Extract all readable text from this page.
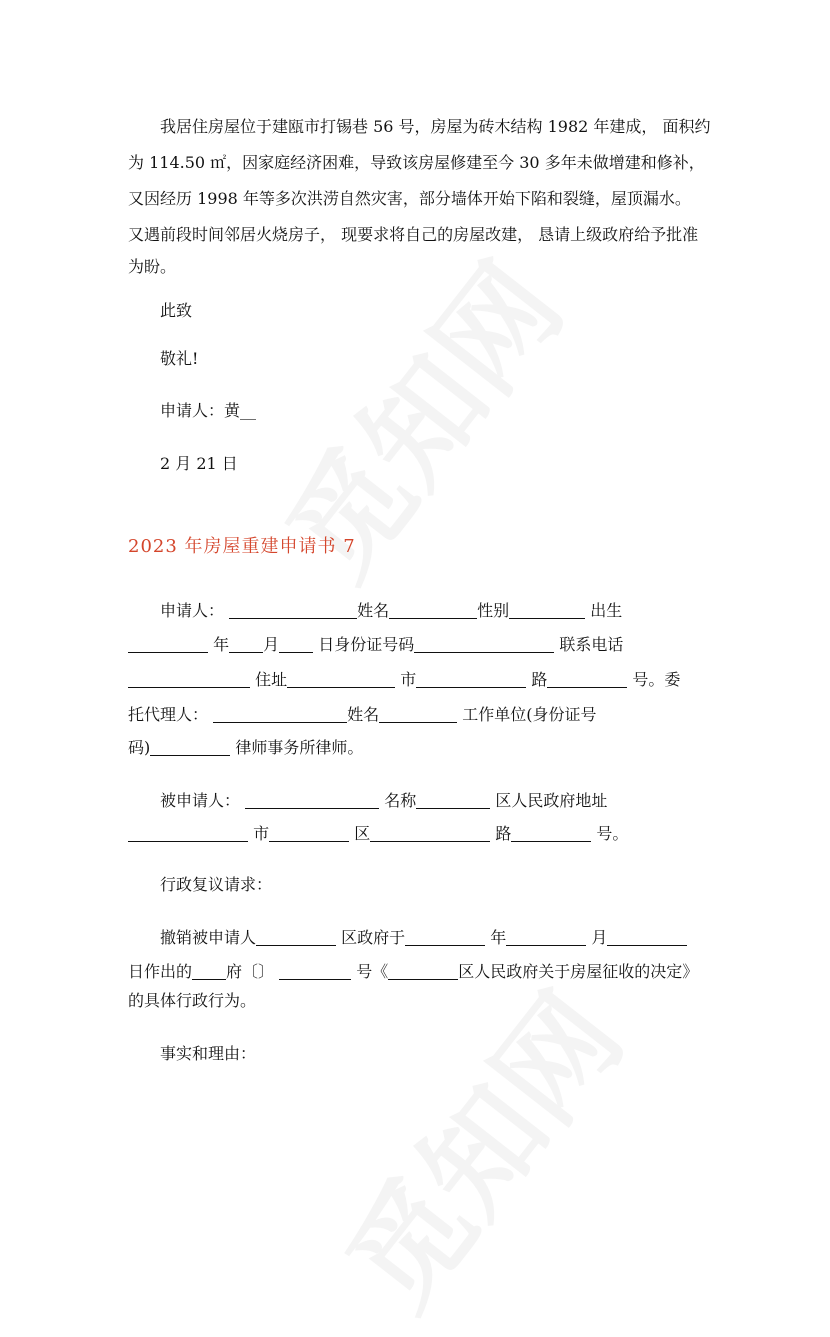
我居住房屋位于建瓯市打锡巷 56 号，房屋为砖木结构 1982 年建成， 面积约

为 114.50 ㎡，因家庭经济困难，导致该房屋修建至今 30 多年未做增建和修补，

又因经历 1998 年等多次洪涝自然灾害，部分墙体开始下陷和裂缝，屋顶漏水。

又遇前段时间邻居火烧房子， 现要求将自己的房屋改建， 恳请上级政府给予批准

为盼。

此致

敬礼!

申请人：黄__

2 月 21 日

2023 年房屋重建申请书 7

申请人：	姓名	性别	出生

年 月 日身份证号码	联系电话

住址	市	路	号。委

托代理人：	姓名	工作单位(身份证号

码)	律师事务所律师。

被申请人：	名称	区人民政府地址

市	区	路	号。

行政复议请求：

撤销被申请人	区政府于	年	月

日作出的 府〔〕	号《	区人民政府关于房屋征收的决定》

的具体行政行为。

事实和理由：
